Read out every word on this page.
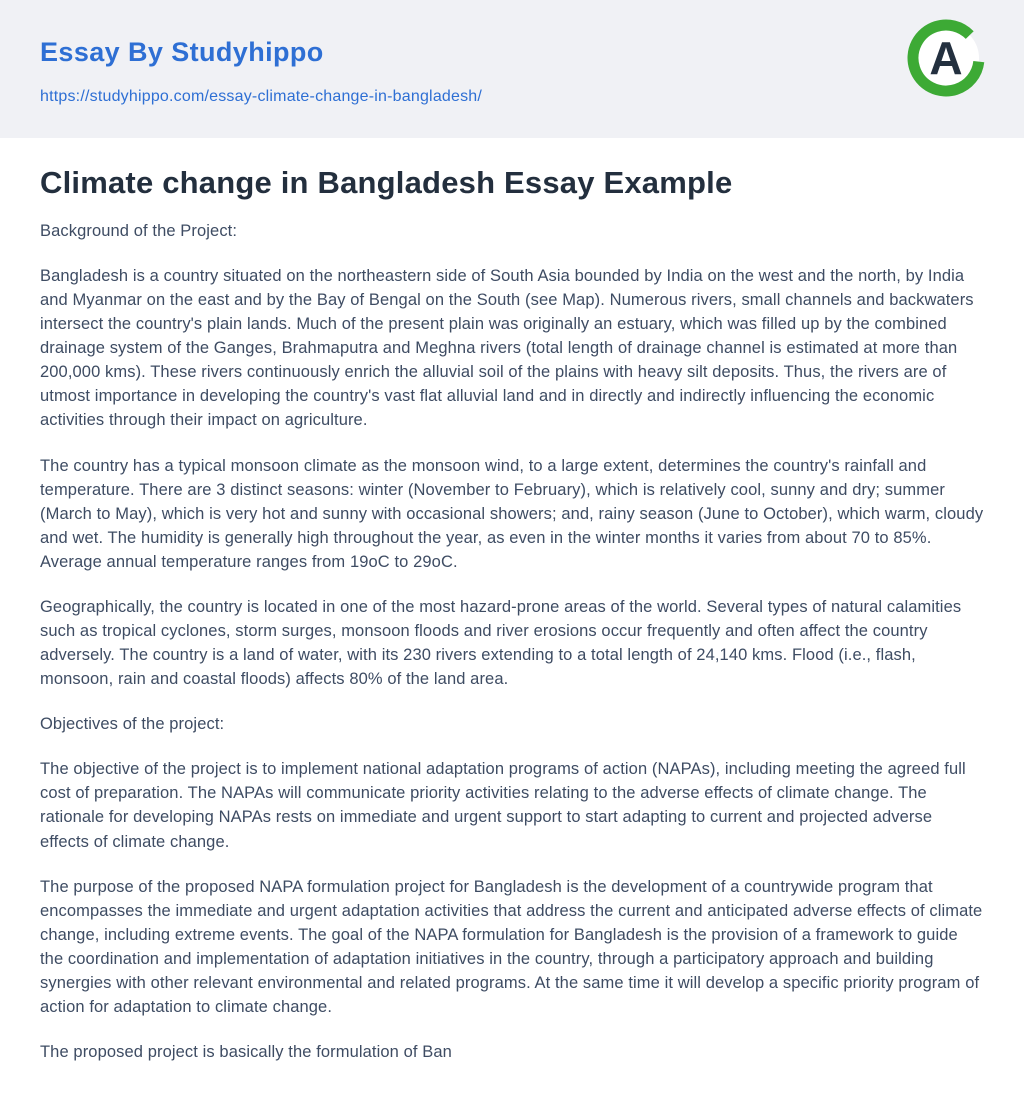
Essay By Studyhippo
https://studyhippo.com/essay-climate-change-in-bangladesh/
A
Climate change in Bangladesh Essay Example

Background of the Project:

Bangladesh is a country situated on the northeastern side of South Asia bounded by India on the west and the north, by India and Myanmar on the east and by the Bay of Bengal on the South (see Map). Numerous rivers, small channels and backwaters intersect the country's plain lands. Much of the present plain was originally an estuary, which was filled up by the combined drainage system of the Ganges, Brahmaputra and Meghna rivers (total length of drainage channel is estimated at more than 200,000 kms). These rivers continuously enrich the alluvial soil of the plains with heavy silt deposits. Thus, the rivers are of utmost importance in developing the country's vast flat alluvial land and in directly and indirectly influencing the economic activities through their impact on agriculture.

The country has a typical monsoon climate as the monsoon wind, to a large extent, determines the country's rainfall and temperature. There are 3 distinct seasons: winter (November to February), which is relatively cool, sunny and dry; summer (March to May), which is very hot and sunny with occasional showers; and, rainy season (June to October), which warm, cloudy and wet. The humidity is generally high throughout the year, as even in the winter months it varies from about 70 to 85%. Average annual temperature ranges from 19oC to 29oC.

Geographically, the country is located in one of the most hazard-prone areas of the world. Several types of natural calamities such as tropical cyclones, storm surges, monsoon floods and river erosions occur frequently and often affect the country adversely. The country is a land of water, with its 230 rivers extending to a total length of 24,140 kms. Flood (i.e., flash, monsoon, rain and coastal floods) affects 80% of the land area.

Objectives of the project:

The objective of the project is to implement national adaptation programs of action (NAPAs), including meeting the agreed full cost of preparation. The NAPAs will communicate priority activities relating to the adverse effects of climate change. The rationale for developing NAPAs rests on immediate and urgent support to start adapting to current and projected adverse effects of climate change.

The purpose of the proposed NAPA formulation project for Bangladesh is the development of a countrywide program that encompasses the immediate and urgent adaptation activities that address the current and anticipated adverse effects of climate change, including extreme events. The goal of the NAPA formulation for Bangladesh is the provision of a framework to guide the coordination and implementation of adaptation initiatives in the country, through a participatory approach and building synergies with other relevant environmental and related programs. At the same time it will develop a specific priority program of action for adaptation to climate change.

The proposed project is basically the formulation of Ban
